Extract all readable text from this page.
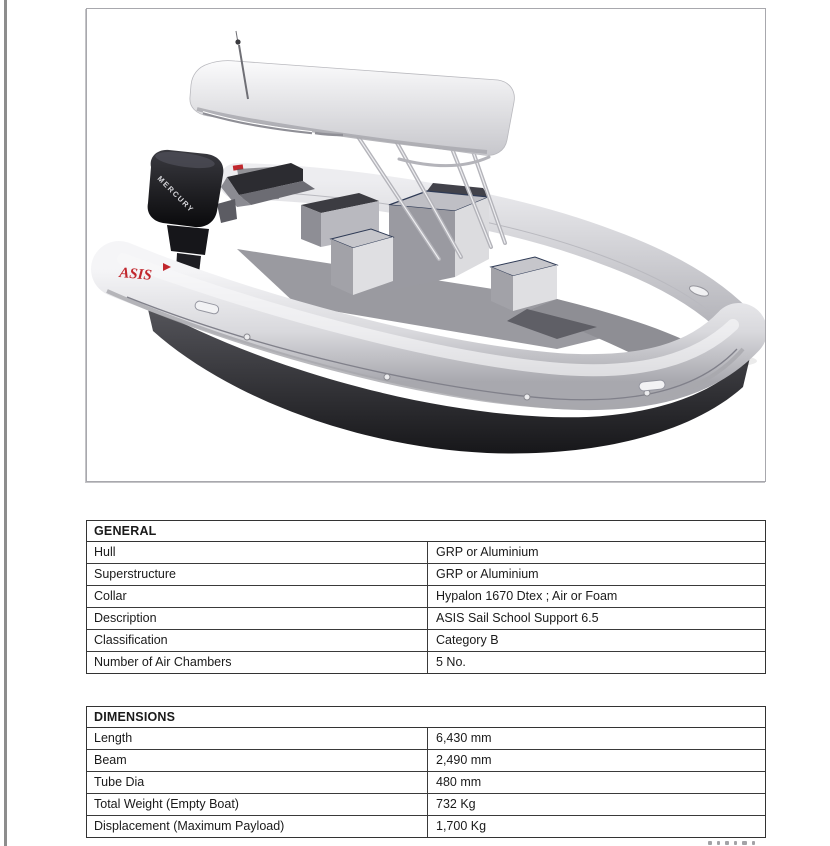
MERCURY
ASIS
GENERAL
Hull	GRP or Aluminium
Superstructure	GRP or Aluminium
Collar	Hypalon 1670 Dtex ; Air or Foam
Description	ASIS Sail School Support 6.5
Classification	Category B
Number of Air Chambers	5 No.
DIMENSIONS
Length	6,430 mm
Beam	2,490 mm
Tube Dia	480 mm
Total Weight (Empty Boat)	732 Kg
Displacement (Maximum Payload)	1,700 Kg
